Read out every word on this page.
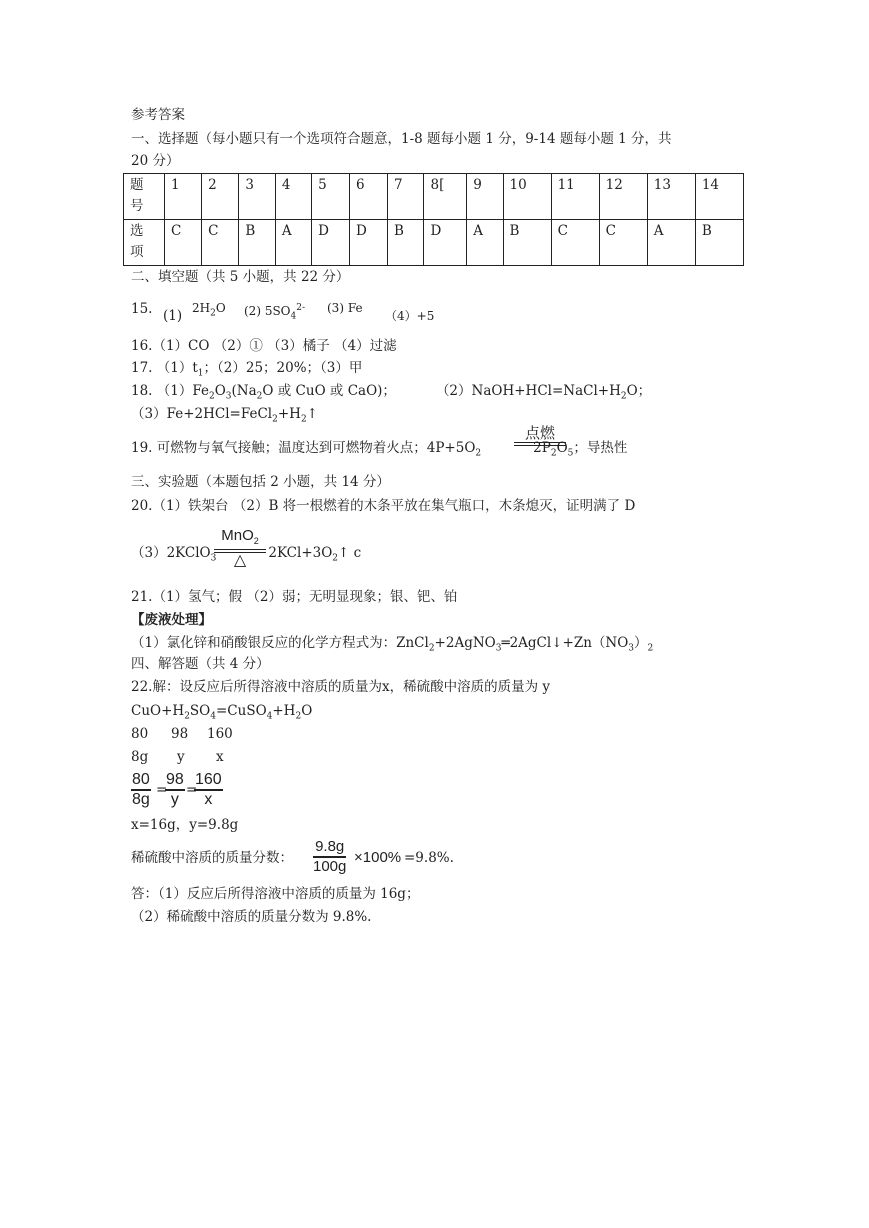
参考答案
一、选择题（每小题只有一个选项符合题意，1-8 题每小题 1 分，9-14 题每小题 1 分，共
20 分）
题
号	1	2	3	4	5	6	7	8[	9	10	11	12	13	14
选
项	C	C	B	A	D	D	B	D	A	B	C	C	A	B
二、填空题（共 5 小题，共 22 分）
15. (1) $2H_2O$ (2) $5SO_4^{2-}$ (3) Fe
（4）+5
16.（1）CO （2）① （3）橘子 （4）过滤
17. $(1)t_1$；（2）25；20%；（3）甲
18. $(1)Fe_2O_3(Na_2O$ 或 CuO 或 CaO)；	$(2)NaOH+HCl=NaCl+H_2O$；
$(3)Fe+2HCl=FeCl_2+H_2↑$
19. 可燃物与氧气接触；温度达到可燃物着火点；$4P+5O_2$	$2P_2O_5$；导热性
点燃
三、实验题（本题包括 2 小题，共 14 分）
20.（1）铁架台 （2）B 将一根燃着的木条平放在集气瓶口，木条熄灭，证明满了 D
（3）2KClO$_3$	$2KCl+3O_2↑$ c
MnO$_2$
△
21.（1）氢气；假 （2）弱；无明显现象；银、钯、铂
【废液处理】
（1）氯化锌和硝酸银反应的化学方程式为：$ZnCl_2+2AgNO_3═2AgCl↓+Zn(NO_3)_2$
四、解答题（共 4 分）
22.解：设反应后所得溶液中溶质的质量为x，稀硫酸中溶质的质量为 y
$CuO+H_2SO_4=CuSO_4+H_2O$
80 98 160
8g y x
$\frac{80}{8g}$ =
$\frac{98}{y}$ =
$\frac{160}{x}$
x=16g，y=9.8g
稀硫酸中溶质的质量分数： $\frac{9.8g}{100g} \times 100\% =9.8\%$.
答：（1）反应后所得溶液中溶质的质量为 16g；
（2）稀硫酸中溶质的质量分数为 9.8%.
